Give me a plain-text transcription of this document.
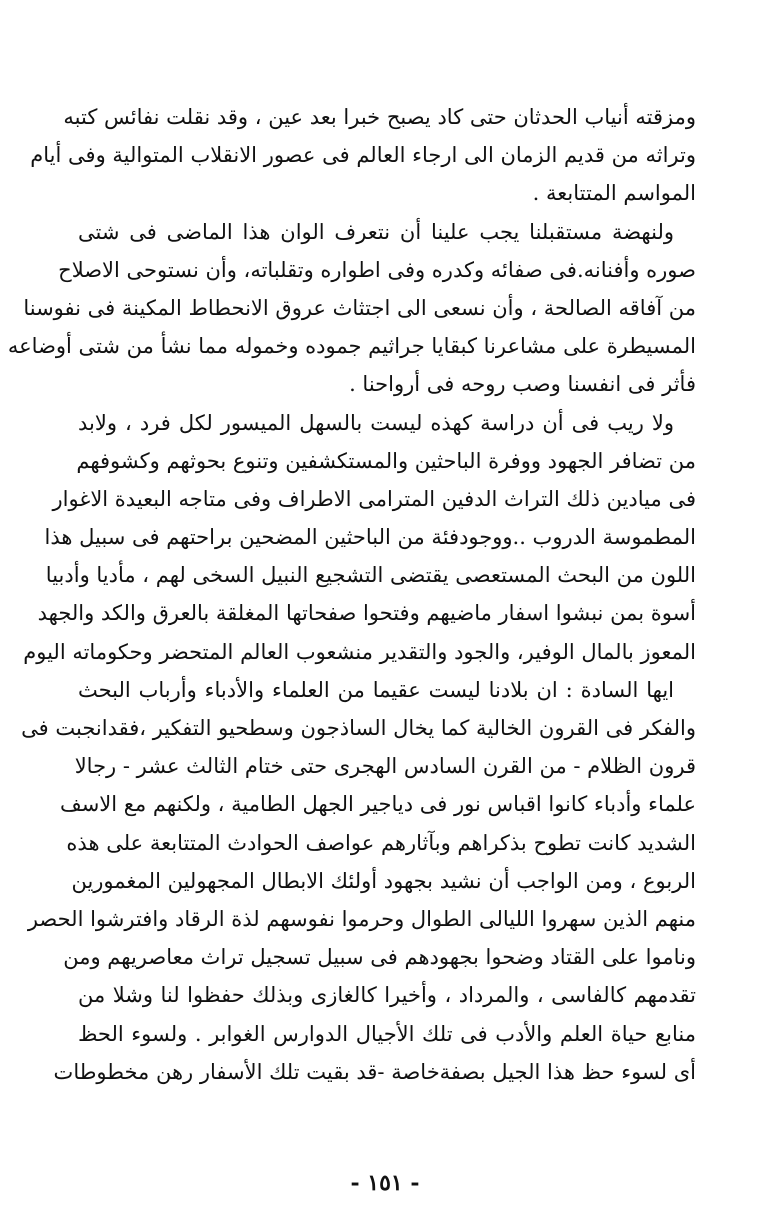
ومزقته أنياب الحدثان حتى كاد يصبح خبرا بعد عين ، وقد نقلت نفائس كتبه
وتراثه من قديم الزمان الى ارجاء العالم فى عصور الانقلاب المتوالية وفى أيام
المواسم المتتابعة .
ولنهضة مستقبلنا يجب علينا أن نتعرف الوان هذا الماضى فى شتى
صوره وأفنانه.فى صفائه وكدره وفى اطواره وتقلباته، وأن نستوحى الاصلاح
من آفاقه الصالحة ، وأن نسعى الى اجتثاث عروق الانحطاط المكينة فى نفوسنا
المسيطرة على مشاعرنا كبقايا جراثيم جموده وخموله مما نشأ من شتى أوضاعه
فأثر فى انفسنا وصب روحه فى أرواحنا .
ولا ريب فى أن دراسة كهذه ليست بالسهل الميسور لكل فرد ، ولابد
من تضافر الجهود ووفرة الباحثين والمستكشفين وتنوع بحوثهم وكشوفهم
فى ميادين ذلك التراث الدفين المترامى الاطراف وفى متاجه البعيدة الاغوار
المطموسة الدروب ..ووجودفئة من الباحثين المضحين براحتهم فى سبيل هذا
اللون من البحث المستعصى يقتضى التشجيع النبيل السخى لهم ، مأديا وأدبيا
أسوة بمن نبشوا اسفار ماضيهم وفتحوا صفحاتها المغلقة بالعرق والكد والجهد
المعوز بالمال الوفير، والجود والتقدير منشعوب العالم المتحضر وحكوماته اليوم
ايها السادة : ان بلادنا ليست عقيما من العلماء والأدباء وأرباب البحث
والفكر فى القرون الخالية كما يخال الساذجون وسطحيو التفكير ،فقدانجبت فى
قرون الظلام - من القرن السادس الهجرى حتى ختام الثالث عشر - رجالا
علماء وأدباء كانوا اقباس نور فى دياجير الجهل الطامية ، ولكنهم مع الاسف
الشديد كانت تطوح بذكراهم وبآثارهم عواصف الحوادث المتتابعة على هذه
الربوع ، ومن الواجب أن نشيد بجهود أولئك الابطال المجهولين المغمورين
منهم الذين سهروا الليالى الطوال وحرموا نفوسهم لذة الرقاد وافترشوا الحصر
وناموا على القتاد وضحوا بجهودهم فى سبيل تسجيل تراث معاصريهم ومن
تقدمهم كالفاسى ، والمرداد ، وأخيرا كالغازى وبذلك حفظوا لنا وشلا من
منابع حياة العلم والأدب فى تلك الأجيال الدوارس الغوابر . ولسوء الحظ
أى لسوء حظ هذا الجيل بصفةخاصة -قد بقيت تلك الأسفار رهن مخطوطات
- ١٥١ -
